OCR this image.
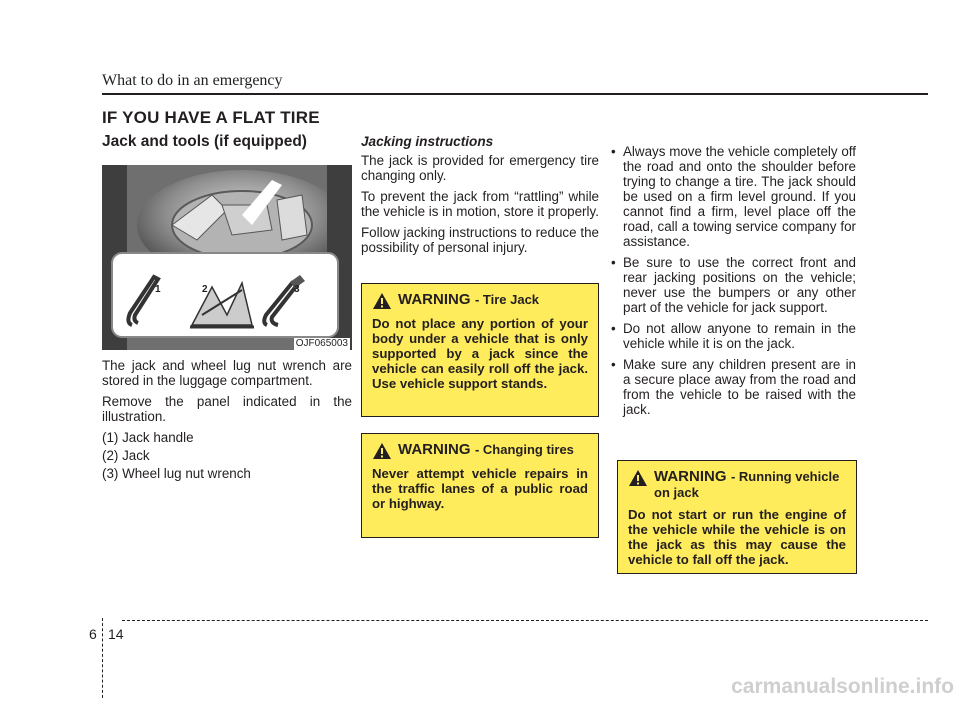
What to do in an emergency
IF YOU HAVE A FLAT TIRE
Jack and tools (if equipped)
1	2	3
OJF065003

The jack and wheel lug nut wrench are stored in the luggage compartment.

Remove the panel indicated in the illustration.

(1) Jack handle
(2) Jack
(3) Wheel lug nut wrench
Jacking instructions

The jack is provided for emergency tire changing only.

To prevent the jack from “rattling” while the vehicle is in motion, store it properly.

Follow jacking instructions to reduce the possibility of personal injury.

WARNING - Tire Jack
Do not place any portion of your body under a vehicle that is only supported by a jack since the vehicle can easily roll off the jack. Use vehicle support stands.
WARNING - Changing tires
Never attempt vehicle repairs in the traffic lanes of a public road or highway.
• Always move the vehicle completely off the road and onto the shoulder before trying to change a tire. The jack should be used on a firm level ground. If you cannot find a firm, level place off the road, call a towing service company for assistance.
• Be sure to use the correct front and rear jacking positions on the vehicle; never use the bumpers or any other part of the vehicle for jack support.
• Do not allow anyone to remain in the vehicle while it is on the jack.
• Make sure any children present are in a secure place away from the road and from the vehicle to be raised with the jack.
WARNING - Running vehicle on jack
Do not start or run the engine of the vehicle while the vehicle is on the jack as this may cause the vehicle to fall off the jack.
6 14
carmanualsonline.info
